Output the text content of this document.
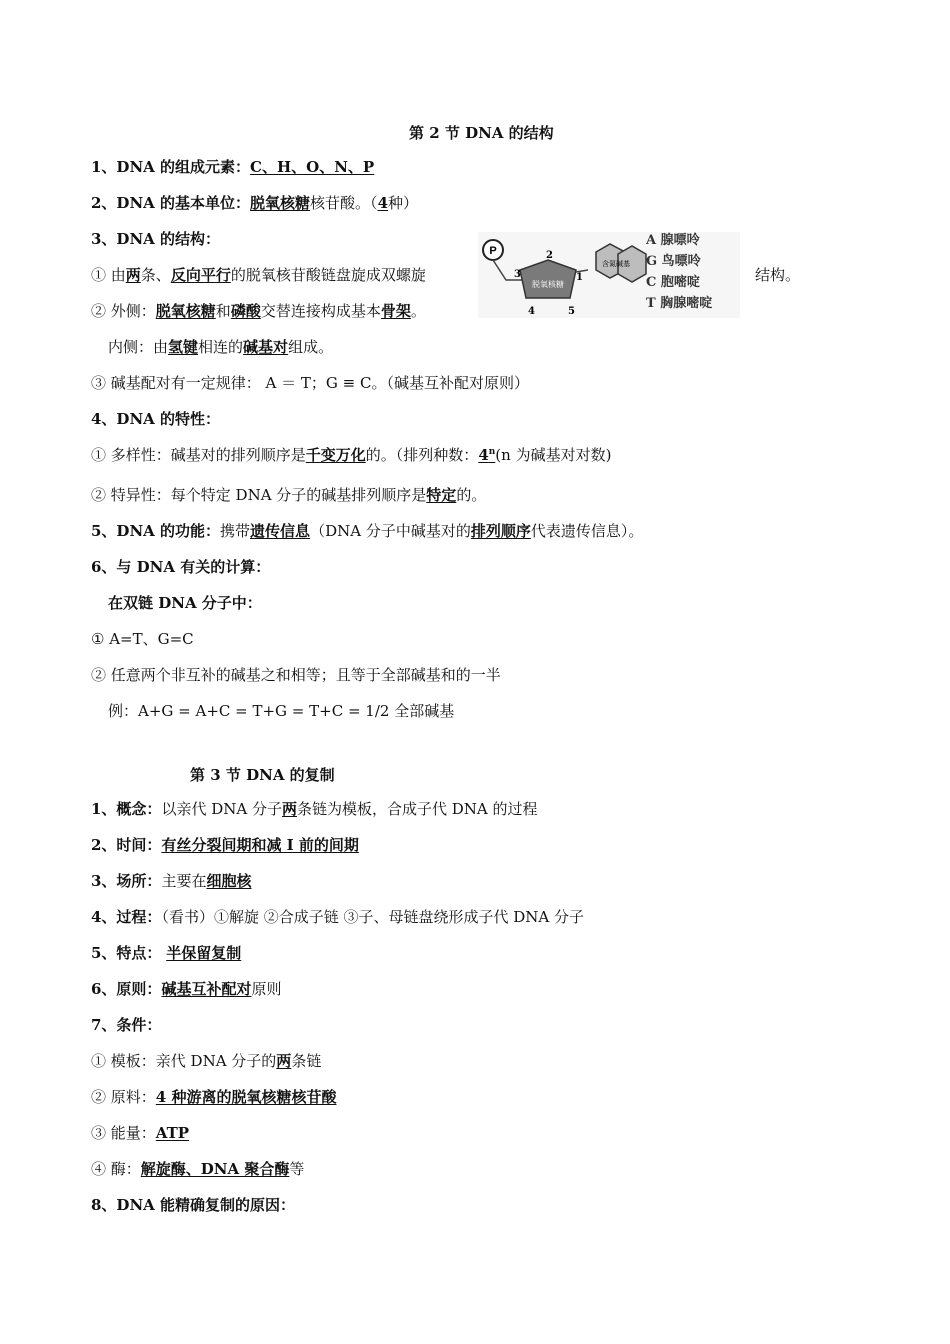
第 2 节 DNA 的结构
1、DNA 的组成元素：C、H、O、N、P
2、DNA 的基本单位：脱氧核糖核苷酸。（4种）
3、DNA 的结构：
① 由两条、反向平行的脱氧核苷酸链盘旋成双螺旋	结构。
P
脱氧核糖
含氮碱基
1
2
3
4	5
A 腺嘌呤
G 鸟嘌呤
C 胞嘧啶
T 胸腺嘧啶
② 外侧：脱氧核糖和磷酸交替连接构成基本骨架。
内侧：由氢键相连的碱基对组成。
③ 碱基配对有一定规律： A ＝ T；G ≡ C。（碱基互补配对原则）
4、DNA 的特性：
① 多样性：碱基对的排列顺序是千变万化的。（排列种数：4$^n$(n 为碱基对对数)
② 特异性：每个特定 DNA 分子的碱基排列顺序是特定的。
5、DNA 的功能：携带遗传信息（DNA 分子中碱基对的排列顺序代表遗传信息）。
6、与 DNA 有关的计算：
在双链 DNA 分子中：
① A=T、G=C
② 任意两个非互补的碱基之和相等；且等于全部碱基和的一半
例：A+G = A+C = T+G = T+C = 1/2 全部碱基
第 3 节 DNA 的复制
1、概念：以亲代 DNA 分子两条链为模板，合成子代 DNA 的过程
2、时间：有丝分裂间期和减 I 前的间期
3、场所：主要在细胞核
4、过程：（看书）①解旋 ②合成子链 ③子、母链盘绕形成子代 DNA 分子
5、特点： 半保留复制
6、原则：碱基互补配对原则
7、条件：
① 模板：亲代 DNA 分子的两条链
② 原料：4 种游离的脱氧核糖核苷酸
③ 能量：ATP
④ 酶：解旋酶、DNA 聚合酶等
8、DNA 能精确复制的原因：
